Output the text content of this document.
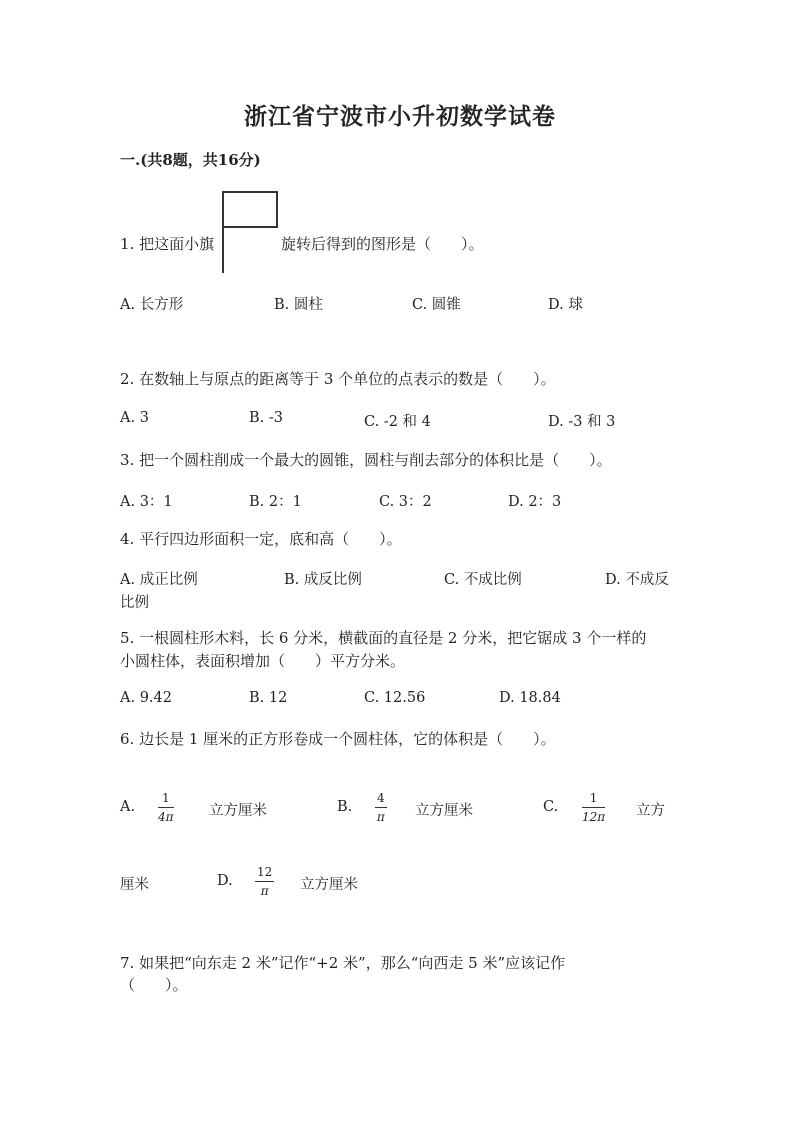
浙江省宁波市小升初数学试卷
一.(共8题，共16分)
1. 把这面小旗	旋转后得到的图形是（　　）。
A. 长方形	B. 圆柱	C. 圆锥	D. 球
2. 在数轴上与原点的距离等于 3 个单位的点表示的数是（　　）。
A. 3	B. -3	C. -2 和 4	D. -3 和 3
3. 把一个圆柱削成一个最大的圆锥，圆柱与削去部分的体积比是（　　）。
A. 3：1	B. 2：1	C. 3：2	D. 2：3
4. 平行四边形面积一定，底和高（　　）。
A. 成正比例	B. 成反比例	C. 不成比例	D. 不成反
比例
5. 一根圆柱形木料，长 6 分米，横截面的直径是 2 分米，把它锯成 3 个一样的
小圆柱体，表面积增加（　　）平方分米。
A. 9.42	B. 12	C. 12.56	D. 18.84
6. 边长是 1 厘米的正方形卷成一个圆柱体，它的体积是（　　）。
A. $\frac{1}{4\pi}$ 立方厘米	B. $\frac{4}{\pi}$ 立方厘米	C. $\frac{1}{12\pi}$ 立方
厘米	D. $\frac{12}{\pi}$ 立方厘米
7. 如果把“向东走 2 米”记作“+2 米”，那么“向西走 5 米”应该记作
（　　）。
